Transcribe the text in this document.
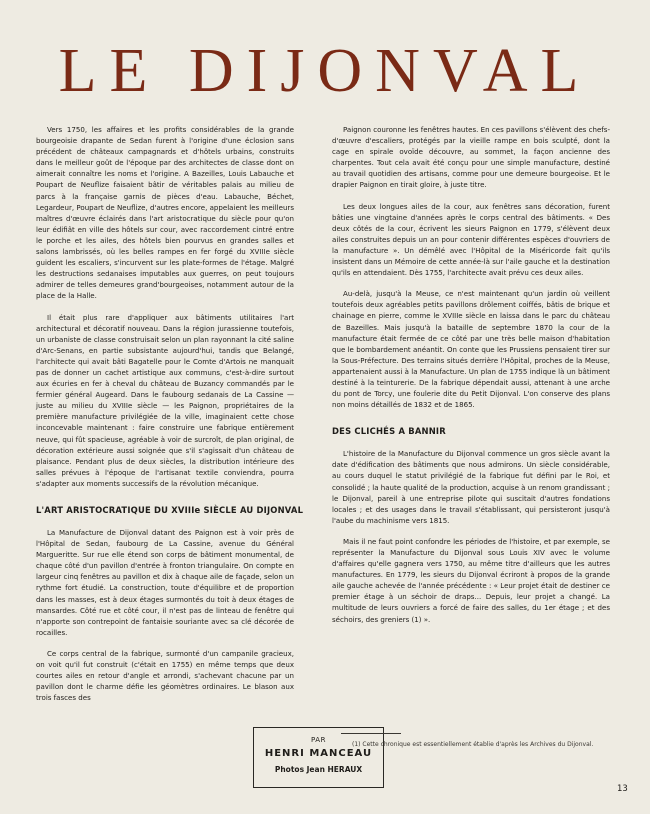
LE DIJONVAL

Vers 1750, les affaires et les profits considérables de la grande bourgeoisie drapante de Sedan furent à l'origine d'une éclosion sans précédent de châteaux campagnards et d'hôtels urbains, construits dans le meilleur goût de l'époque par des architectes de classe dont on aimerait connaître les noms et l'origine. A Bazeilles, Louis Labauche et Poupart de Neuflize faisaient bâtir de véritables palais au milieu de parcs à la française garnis de pièces d'eau. Labauche, Béchet, Legardeur, Poupart de Neuflize, d'autres encore, appelaient les meilleurs maîtres d'œuvre éclairés dans l'art aristocratique du siècle pour qu'on leur édifiât en ville des hôtels sur cour, avec raccordement cintré entre le porche et les ailes, des hôtels bien pourvus en grandes salles et salons lambrissés, où les belles rampes en fer forgé du XVIIIe siècle guident les escaliers, s'incurvent sur les plate-formes de l'étage. Malgré les destructions sedanaises imputables aux guerres, on peut toujours admirer de telles demeures grand'bourgeoises, notamment autour de la place de la Halle.

Il était plus rare d'appliquer aux bâtiments utilitaires l'art architectural et décoratif nouveau. Dans la région jurassienne toutefois, un urbaniste de classe construisait selon un plan rayonnant la cité saline d'Arc-Senans, en partie subsistante aujourd'hui, tandis que Belangé, l'architecte qui avait bâti Bagatelle pour le Comte d'Artois ne manquait pas de donner un cachet artistique aux communs, c'est-à-dire surtout aux écuries en fer à cheval du château de Buzancy commandés par le fermier général Augeard. Dans le faubourg sedanais de La Cassine — juste au milieu du XVIIIe siècle — les Paignon, propriétaires de la première manufacture privilégiée de la ville, imaginaient cette chose inconcevable maintenant : faire construire une fabrique entièrement neuve, qui fût spacieuse, agréable à voir de surcroît, de plan original, de décoration extérieure aussi soignée que s'il s'agissait d'un château de plaisance. Pendant plus de deux siècles, la distribution intérieure des salles prévues à l'époque de l'artisanat textile conviendra, pourra s'adapter aux moments successifs de la révolution mécanique.

L'ART ARISTOCRATIQUE DU XVIIIe SIÈCLE AU DIJONVAL

La Manufacture de Dijonval datant des Paignon est à voir près de l'Hôpital de Sedan, faubourg de La Cassine, avenue du Général Margueritte. Sur rue elle étend son corps de bâtiment monumental, de chaque côté d'un pavillon d'entrée à fronton triangulaire. On compte en largeur cinq fenêtres au pavillon et dix à chaque aile de façade, selon un rythme fort étudié. La construction, toute d'équilibre et de proportion dans les masses, est à deux étages surmontés du toit à deux étages de mansardes. Côté rue et côté cour, il n'est pas de linteau de fenêtre qui n'apporte son contrepoint de fantaisie souriante avec sa clé décorée de rocailles.

Ce corps central de la fabrique, surmonté d'un campanile gracieux, on voit qu'il fut construit (c'était en 1755) en même temps que deux courtes ailes en retour d'angle et arrondi, s'achevant chacune par un pavillon dont le charme défie les géomètres ordinaires. Le blason aux trois fasces des

Paignon couronne les fenêtres hautes. En ces pavillons s'élèvent des chefs-d'œuvre d'escaliers, protégés par la vieille rampe en bois sculpté, dont la cage en spirale ovoïde découvre, au sommet, la façon ancienne des charpentes. Tout cela avait été conçu pour une simple manufacture, destiné au travail quotidien des artisans, comme pour une demeure bourgeoise. Et le drapier Paignon en tirait gloire, à juste titre.

Les deux longues ailes de la cour, aux fenêtres sans décoration, furent bâties une vingtaine d'années après le corps central des bâtiments. « Des deux côtés de la cour, écrivent les sieurs Paignon en 1779, s'élèvent deux ailes construites depuis un an pour contenir différentes espèces d'ouvriers de la manufacture ». Un démêlé avec l'Hôpital de la Miséricorde fait qu'ils insistent dans un Mémoire de cette année-là sur l'aile gauche et la destination qu'ils en attendaient. Dès 1755, l'architecte avait prévu ces deux ailes.

Au-delà, jusqu'à la Meuse, ce n'est maintenant qu'un jardin où veillent toutefois deux agréables petits pavillons drôlement coiffés, bâtis de brique et chainage en pierre, comme le XVIIIe siècle en laissa dans le parc du château de Bazeilles. Mais jusqu'à la bataille de septembre 1870 la cour de la manufacture était fermée de ce côté par une très belle maison d'habitation que le bombardement anéantit. On conte que les Prussiens pensaient tirer sur la Sous-Préfecture. Des terrains situés derrière l'Hôpital, proches de la Meuse, appartenaient aussi à la Manufacture. Un plan de 1755 indique là un bâtiment destiné à la teinturerie. De la fabrique dépendait aussi, attenant à une arche du pont de Torcy, une foulerie dite du Petit Dijonval. L'on conserve des plans non moins détaillés de 1832 et de 1865.

DES CLICHÉS A BANNIR

L'histoire de la Manufacture du Dijonval commence un gros siècle avant la date d'édification des bâtiments que nous admirons. Un siècle considérable, au cours duquel le statut privilégié de la fabrique fut défini par le Roi, et consolidé ; la haute qualité de la production, acquise à un renom grandissant ; le Dijonval, pareil à une entreprise pilote qui suscitait d'autres fondations locales ; et des usages dans le travail s'établissant, qui persisteront jusqu'à l'aube du machinisme vers 1815.

Mais il ne faut point confondre les périodes de l'histoire, et par exemple, se représenter la Manufacture du Dijonval sous Louis XIV avec le volume d'affaires qu'elle gagnera vers 1750, au même titre d'ailleurs que les autres manufactures. En 1779, les sieurs du Dijonval écriront à propos de la grande aile gauche achevée de l'année précédente : « Leur projet était de destiner ce premier étage à un séchoir de draps... Depuis, leur projet a changé. La multitude de leurs ouvriers a forcé de faire des salles, du 1er étage ; et des séchoirs, des greniers (1) ».

PAR
HENRI MANCEAU
Photos Jean HERAUX
(1) Cette chronique est essentiellement établie d'après les Archives du Dijonval.
13
